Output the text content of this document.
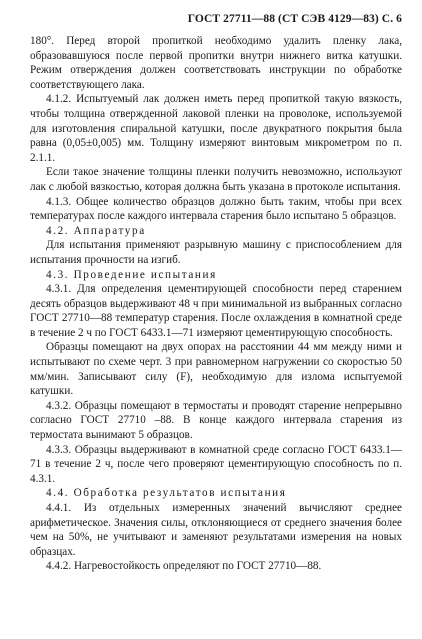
ГОСТ 27711—88 (СТ СЭВ 4129—83) С. 6

180°. Перед второй пропиткой необходимо удалить пленку лака, образовавшуюся после первой пропитки внутри нижнего витка катушки. Режим отверждения должен соответствовать инструкции по обработке соответствующего лака.

4.1.2. Испытуемый лак должен иметь перед пропиткой такую вязкость, чтобы толщина отвержденной лаковой пленки на проволоке, используемой для изготовления спиральной катушки, после двукратного покрытия была равна (0,05±0,005) мм. Толщину измеряют винтовым микрометром по п. 2.1.1.

Если такое значение толщины пленки получить невозможно, используют лак с любой вязкостью, которая должна быть указана в протоколе испытания.

4.1.3. Общее количество образцов должно быть таким, чтобы при всех температурах после каждого интервала старения было испытано 5 образцов.

4.2. Аппаратура

Для испытания применяют разрывную машину с приспособлением для испытания прочности на изгиб.

4.3. Проведение испытания

4.3.1. Для определения цементирующей способности перед старением десять образцов выдерживают 48 ч при минимальной из выбранных согласно ГОСТ 27710—88 температур старения. После охлаждения в комнатной среде в течение 2 ч по ГОСТ 6433.1—71 измеряют цементирующую способность.

Образцы помещают на двух опорах на расстоянии 44 мм между ними и испытывают по схеме черт. 3 при равномерном нагружении со скоростью 50 мм/мин. Записывают силу (F), необходимую для излома испытуемой катушки.

4.3.2. Образцы помещают в термостаты и проводят старение непрерывно согласно ГОСТ 27710 –88. В конце каждого интервала старения из термостата вынимают 5 образцов.

4.3.3. Образцы выдерживают в комнатной среде согласно ГОСТ 6433.1—71 в течение 2 ч, после чего проверяют цементирующую способность по п. 4.3.1.

4.4. Обработка результатов испытания

4.4.1. Из отдельных измеренных значений вычисляют среднее арифметическое. Значения силы, отклоняющиеся от среднего значения более чем на 50%, не учитывают и заменяют результатами измерения на новых образцах.

4.4.2. Нагревостойкость определяют по ГОСТ 27710—88.
